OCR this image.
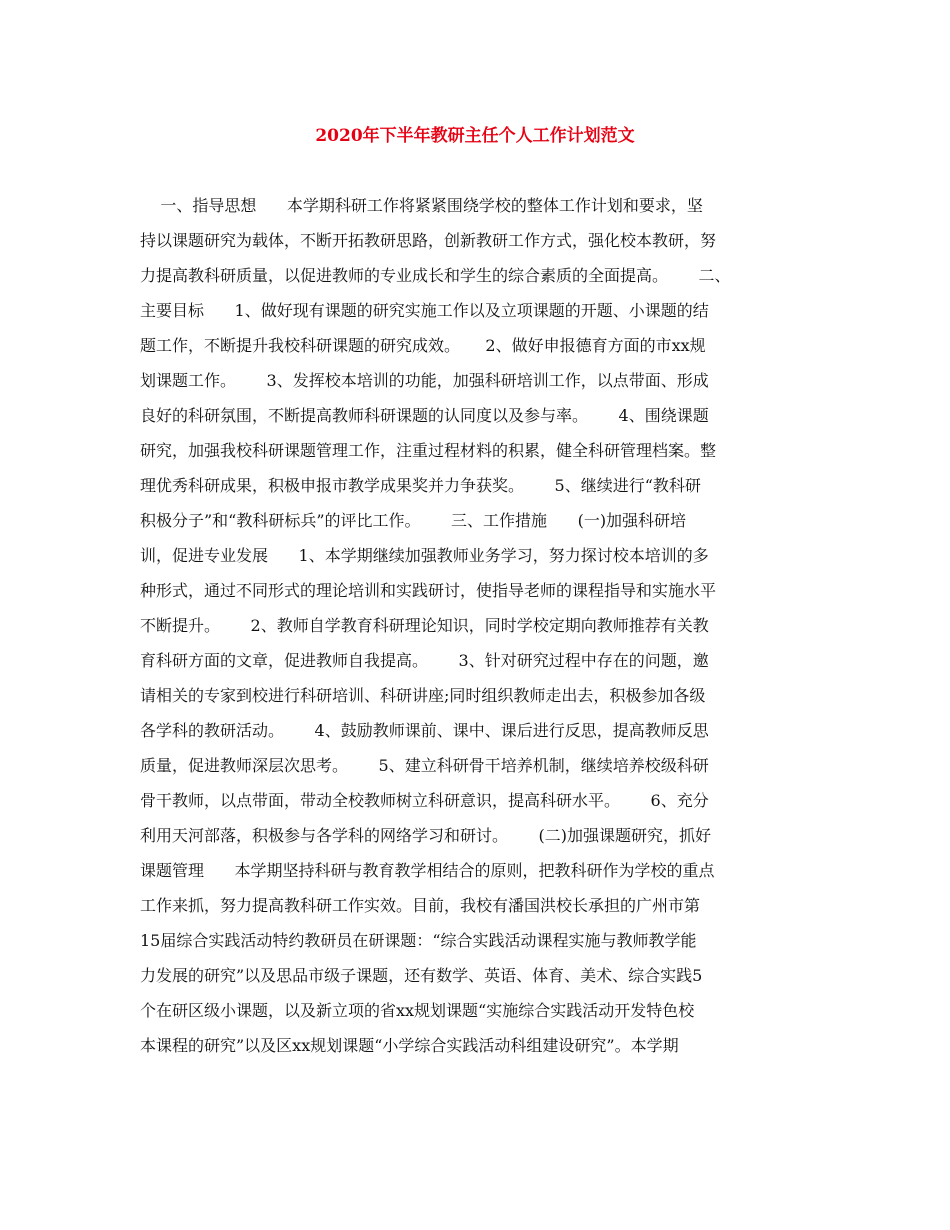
2020年下半年教研主任个人工作计划范文
一、指导思想      本学期科研工作将紧紧围绕学校的整体工作计划和要求，坚
持以课题研究为载体，不断开拓教研思路，创新教研工作方式，强化校本教研，努
力提高教科研质量，以促进教师的专业成长和学生的综合素质的全面提高。      二、
主要目标      1、做好现有课题的研究实施工作以及立项课题的开题、小课题的结
题工作，不断提升我校科研课题的研究成效。     2、做好申报德育方面的市xx规
划课题工作。      3、发挥校本培训的功能，加强科研培训工作，以点带面、形成
良好的科研氛围，不断提高教师科研课题的认同度以及参与率。      4、围绕课题
研究，加强我校科研课题管理工作，注重过程材料的积累，健全科研管理档案。整
理优秀科研成果，积极申报市教学成果奖并力争获奖。      5、继续进行“教科研
积极分子”和“教科研标兵”的评比工作。      三、工作措施      (一)加强科研培
训，促进专业发展      1、本学期继续加强教师业务学习，努力探讨校本培训的多
种形式，通过不同形式的理论培训和实践研讨，使指导老师的课程指导和实施水平
不断提升。      2、教师自学教育科研理论知识，同时学校定期向教师推荐有关教
育科研方面的文章，促进教师自我提高。      3、针对研究过程中存在的问题，邀
请相关的专家到校进行科研培训、科研讲座;同时组织教师走出去，积极参加各级
各学科的教研活动。      4、鼓励教师课前、课中、课后进行反思，提高教师反思
质量，促进教师深层次思考。      5、建立科研骨干培养机制，继续培养校级科研
骨干教师，以点带面，带动全校教师树立科研意识，提高科研水平。      6、充分
利用天河部落，积极参与各学科的网络学习和研讨。      (二)加强课题研究，抓好
课题管理      本学期坚持科研与教育教学相结合的原则，把教科研作为学校的重点
工作来抓，努力提高教科研工作实效。目前，我校有潘国洪校长承担的广州市第
15届综合实践活动特约教研员在研课题：“综合实践活动课程实施与教师教学能
力发展的研究”以及思品市级子课题，还有数学、英语、体育、美术、综合实践5
个在研区级小课题，以及新立项的省xx规划课题“实施综合实践活动开发特色校
本课程的研究”以及区xx规划课题“小学综合实践活动科组建设研究”。本学期
